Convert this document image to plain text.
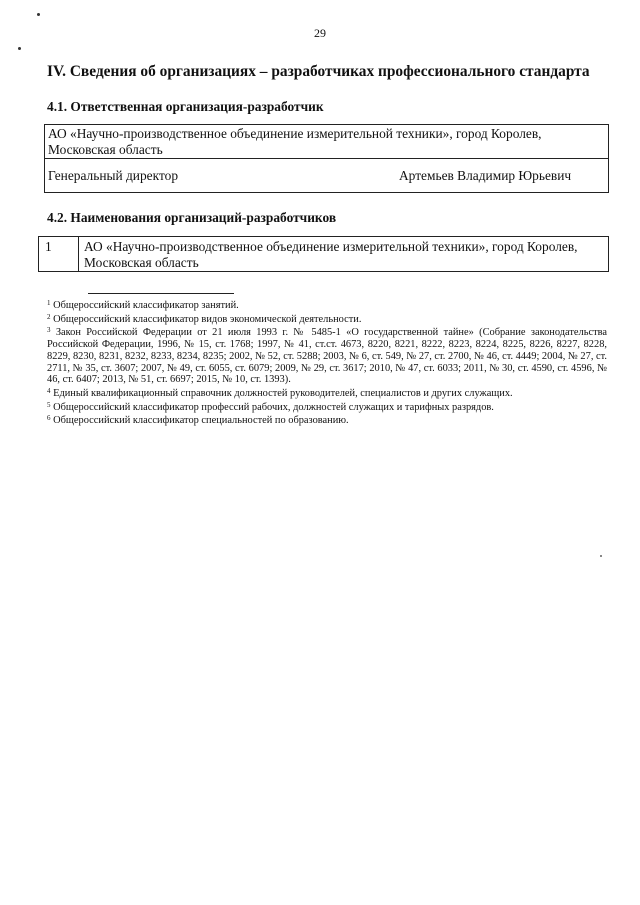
29
IV. Сведения об организациях – разработчиках профессионального стандарта
4.1. Ответственная организация-разработчик
АО «Научно-производственное объединение измерительной техники», город Королев,
Московская область
Генеральный директор	Артемьев Владимир Юрьевич
4.2. Наименования организаций-разработчиков
1 АО «Научно-производственное объединение измерительной техники», город Королев,
Московская область

$^1$ Общероссийский классификатор занятий.

$^2$ Общероссийский классификатор видов экономической деятельности.

$^3$ Закон Российской Федерации от 21 июля 1993 г. № 5485-1 «О государственной тайне» (Собрание законодательства Российской Федерации, 1996, № 15, ст. 1768; 1997, № 41, ст.ст. 4673, 8220, 8221, 8222, 8223, 8224, 8225, 8226, 8227, 8228, 8229, 8230, 8231, 8232, 8233, 8234, 8235; 2002, № 52, ст. 5288; 2003, № 6, ст. 549, № 27, ст. 2700, № 46, ст. 4449; 2004, № 27, ст. 2711, № 35, ст. 3607; 2007, № 49, ст. 6055, ст. 6079; 2009, № 29, ст. 3617; 2010, № 47, ст. 6033; 2011, № 30, ст. 4590, ст. 4596, № 46, ст. 6407; 2013, № 51, ст. 6697; 2015, № 10, ст. 1393).

$^4$ Единый квалификационный справочник должностей руководителей, специалистов и других служащих.

$^5$ Общероссийский классификатор профессий рабочих, должностей служащих и тарифных разрядов.

$^6$ Общероссийский классификатор специальностей по образованию.
